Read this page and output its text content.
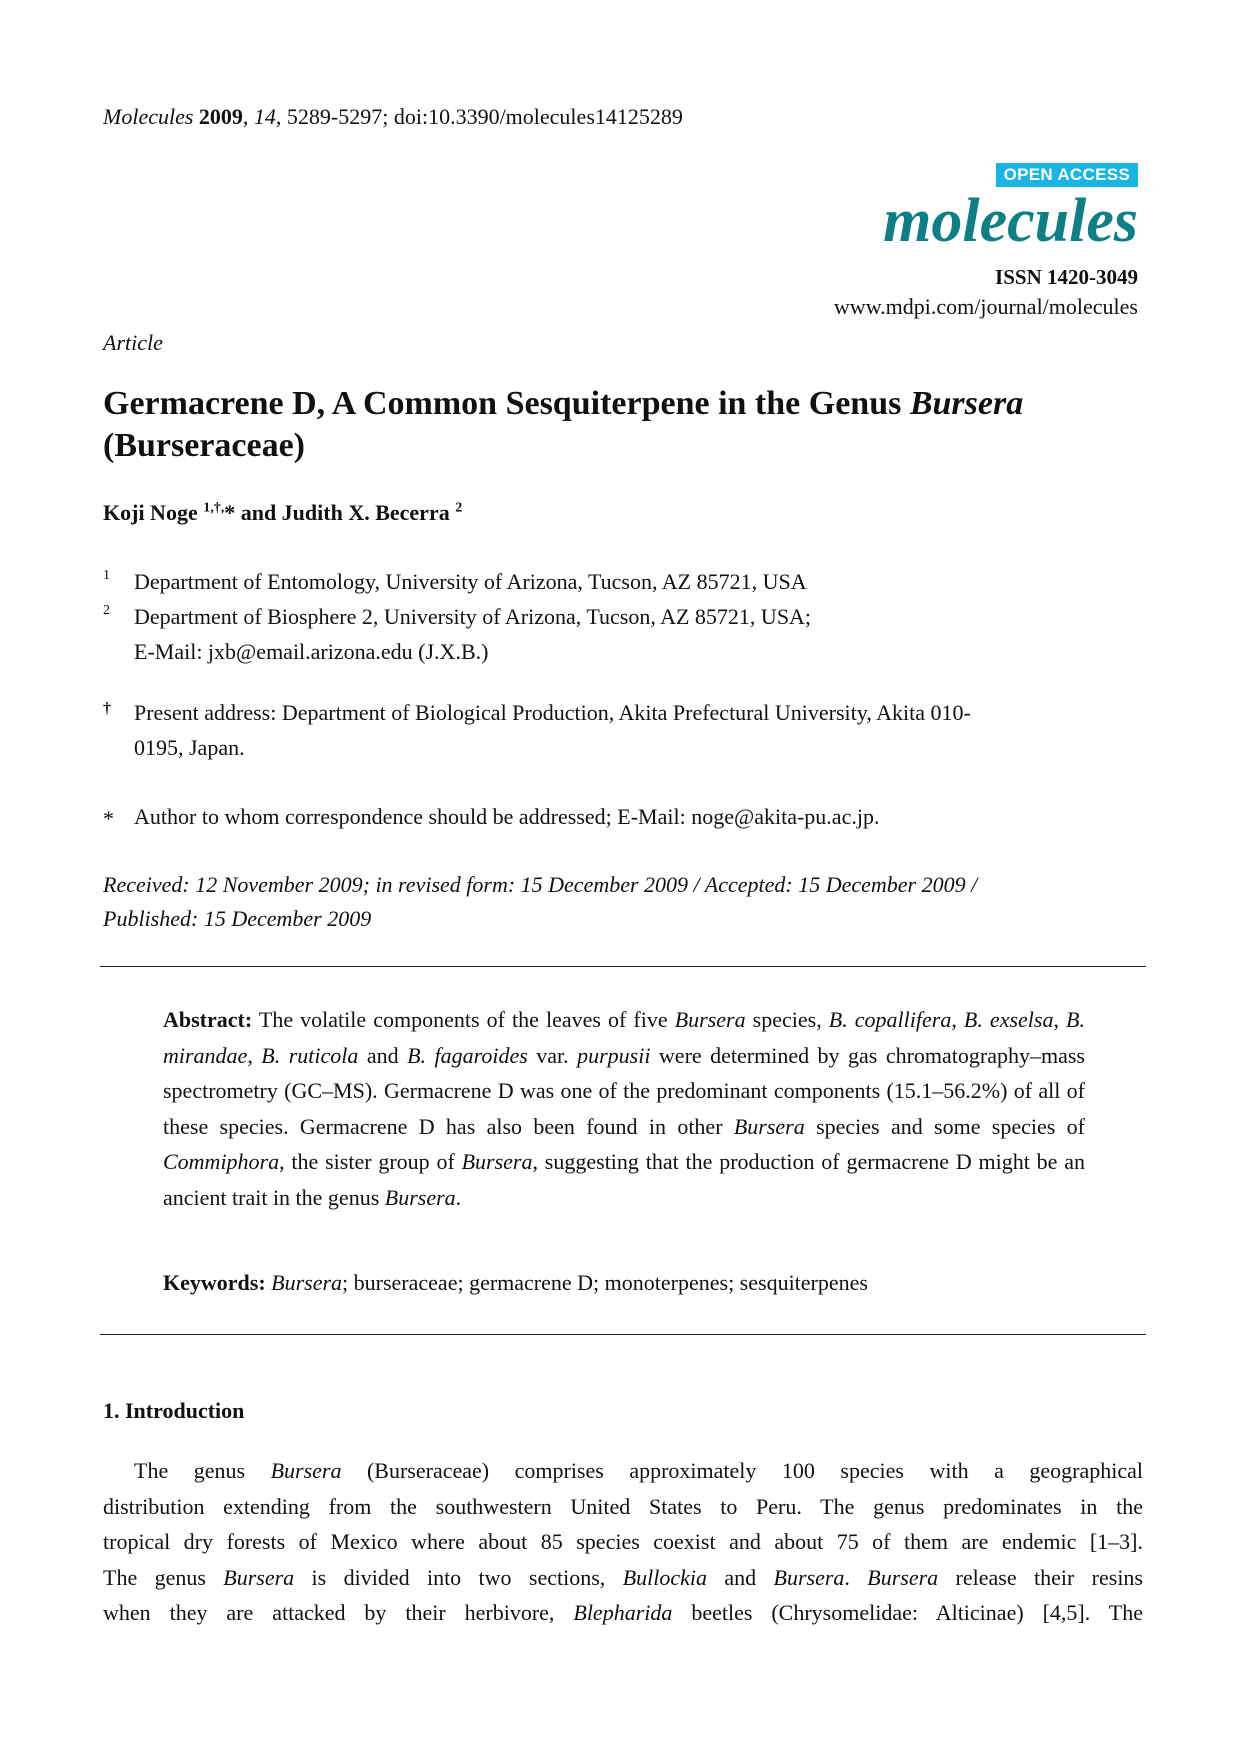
Molecules 2009, 14, 5289-5297; doi:10.3390/molecules14125289
OPEN ACCESS
molecules
ISSN 1420-3049
www.mdpi.com/journal/molecules
Article
Germacrene D, A Common Sesquiterpene in the Genus Bursera
(Burseraceae)
Koji Noge $^{1,\dagger,}$* and Judith X. Becerra $^2$
1 Department of Entomology, University of Arizona, Tucson, AZ 85721, USA
2 Department of Biosphere 2, University of Arizona, Tucson, AZ 85721, USA;
E-Mail: jxb@email.arizona.edu (J.X.B.)
† Present address: Department of Biological Production, Akita Prefectural University, Akita 010-
0195, Japan.
* Author to whom correspondence should be addressed; E-Mail: noge@akita-pu.ac.jp.
Received: 12 November 2009; in revised form: 15 December 2009 / Accepted: 15 December 2009 /
Published: 15 December 2009
Abstract: The volatile components of the leaves of five Bursera species, B. copallifera, B. exselsa, B. mirandae, B. ruticola and B. fagaroides var. purpusii were determined by gas chromatography–mass spectrometry (GC–MS). Germacrene D was one of the predominant components (15.1–56.2%) of all of these species. Germacrene D has also been found in other Bursera species and some species of Commiphora, the sister group of Bursera, suggesting that the production of germacrene D might be an ancient trait in the genus Bursera.
Keywords: Bursera; burseraceae; germacrene D; monoterpenes; sesquiterpenes
1. Introduction
The genus Bursera (Burseraceae) comprises approximately 100 species with a geographical
distribution extending from the southwestern United States to Peru. The genus predominates in the
tropical dry forests of Mexico where about 85 species coexist and about 75 of them are endemic [1–3].
The genus Bursera is divided into two sections, Bullockia and Bursera. Bursera release their resins
when they are attacked by their herbivore, Blepharida beetles (Chrysomelidae: Alticinae) [4,5]. The
